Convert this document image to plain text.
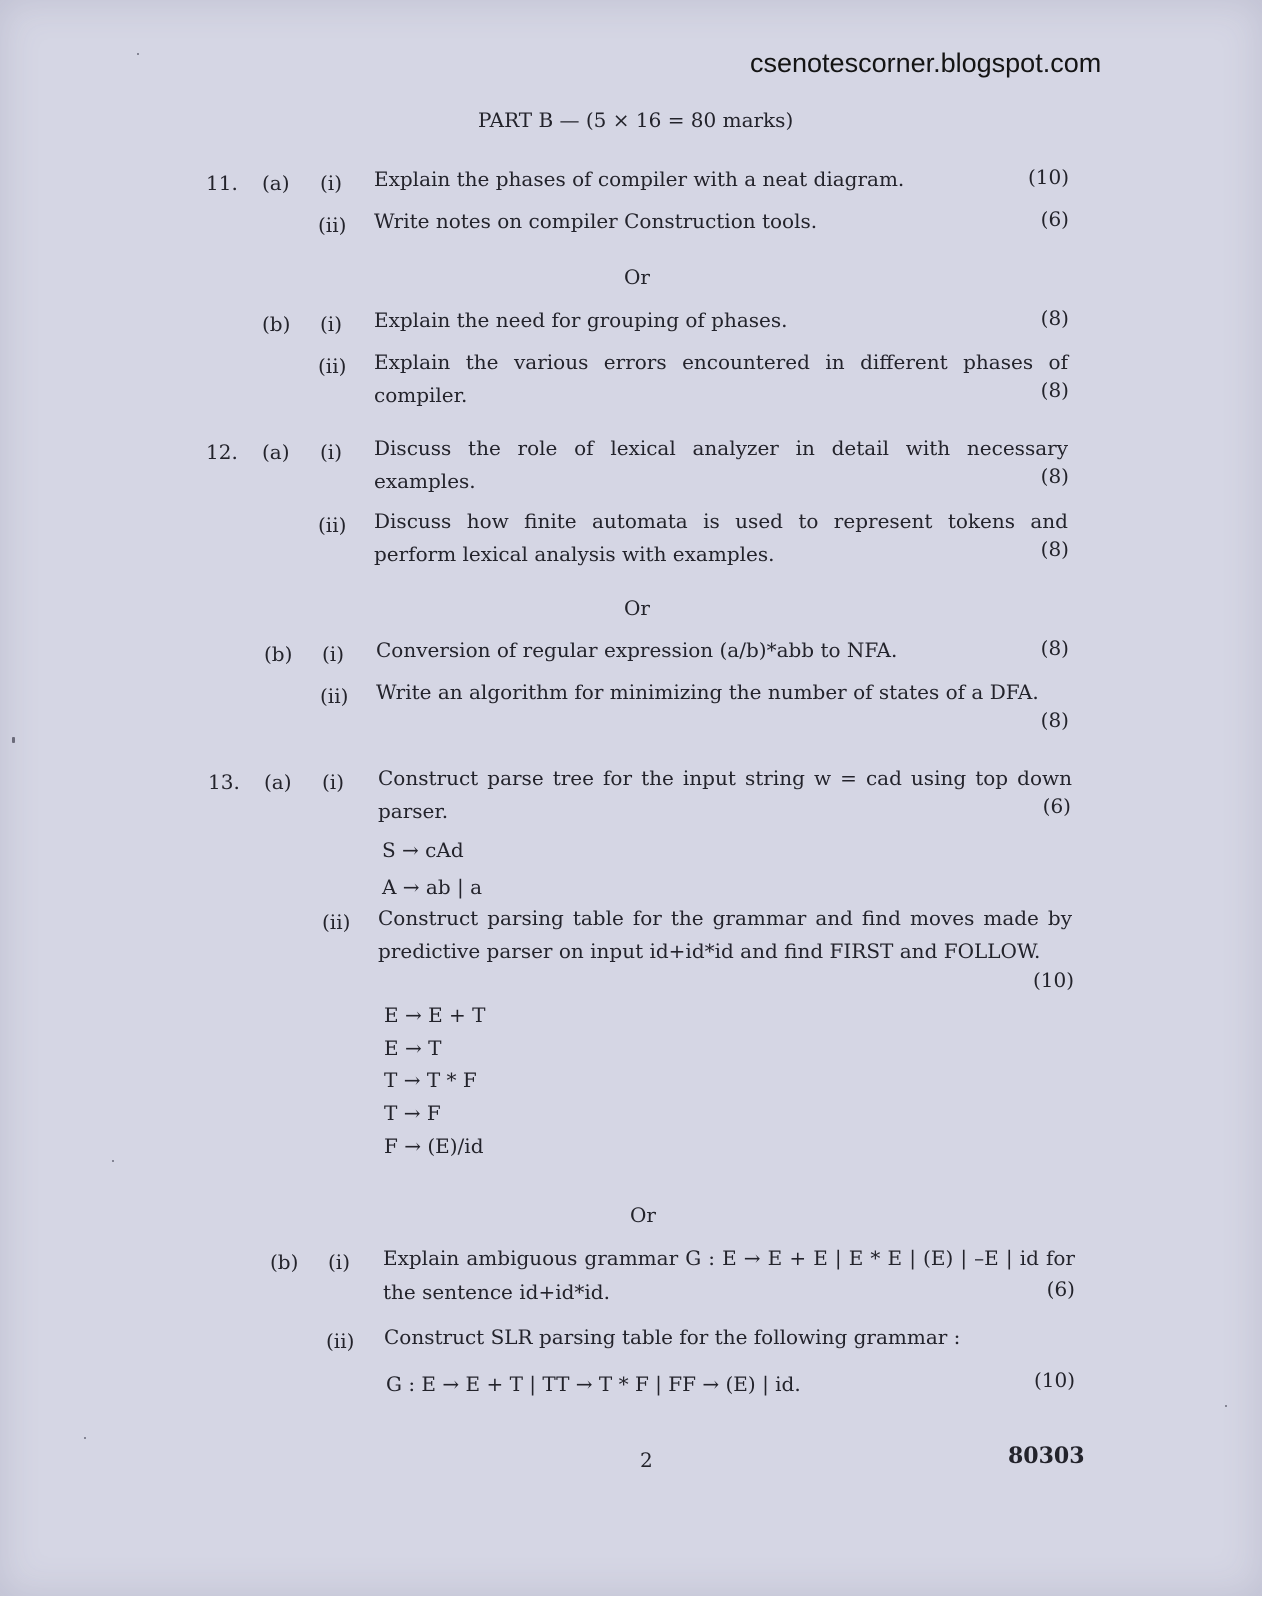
csenotescorner.blogspot.com
PART B — (5 × 16 = 80 marks)
11. (a) (i) Explain the phases of compiler with a neat diagram.	(10)
(ii) Write notes on compiler Construction tools.	(6)
Or
(b) (i) Explain the need for grouping of phases.	(8)
(ii) Explain the various errors encountered in different phases of
compiler.	(8)
12. (a) (i) Discuss the role of lexical analyzer in detail with necessary
examples.	(8)
(ii) Discuss how finite automata is used to represent tokens and
perform lexical analysis with examples.	(8)
Or
(b) (i) Conversion of regular expression (a/b)*abb to NFA.	(8)
(ii) Write an algorithm for minimizing the number of states of a DFA.
(8)
13. (a) (i) Construct parse tree for the input string w = cad using top down
parser.	(6)
S → cAd
A → ab | a
(ii) Construct parsing table for the grammar and find moves made by
predictive parser on input id+id*id and find FIRST and FOLLOW.
(10)
E → E + T
E → T
T → T * F
T → F
F → (E)/id
Or
(b) (i) Explain ambiguous grammar G : E → E + E | E * E | (E) | –E | id for
the sentence id+id*id.	(6)
(ii) Construct SLR parsing table for the following grammar :
G : E → E + T | TT → T * F | FF → (E) | id.	(10)
2	80303
